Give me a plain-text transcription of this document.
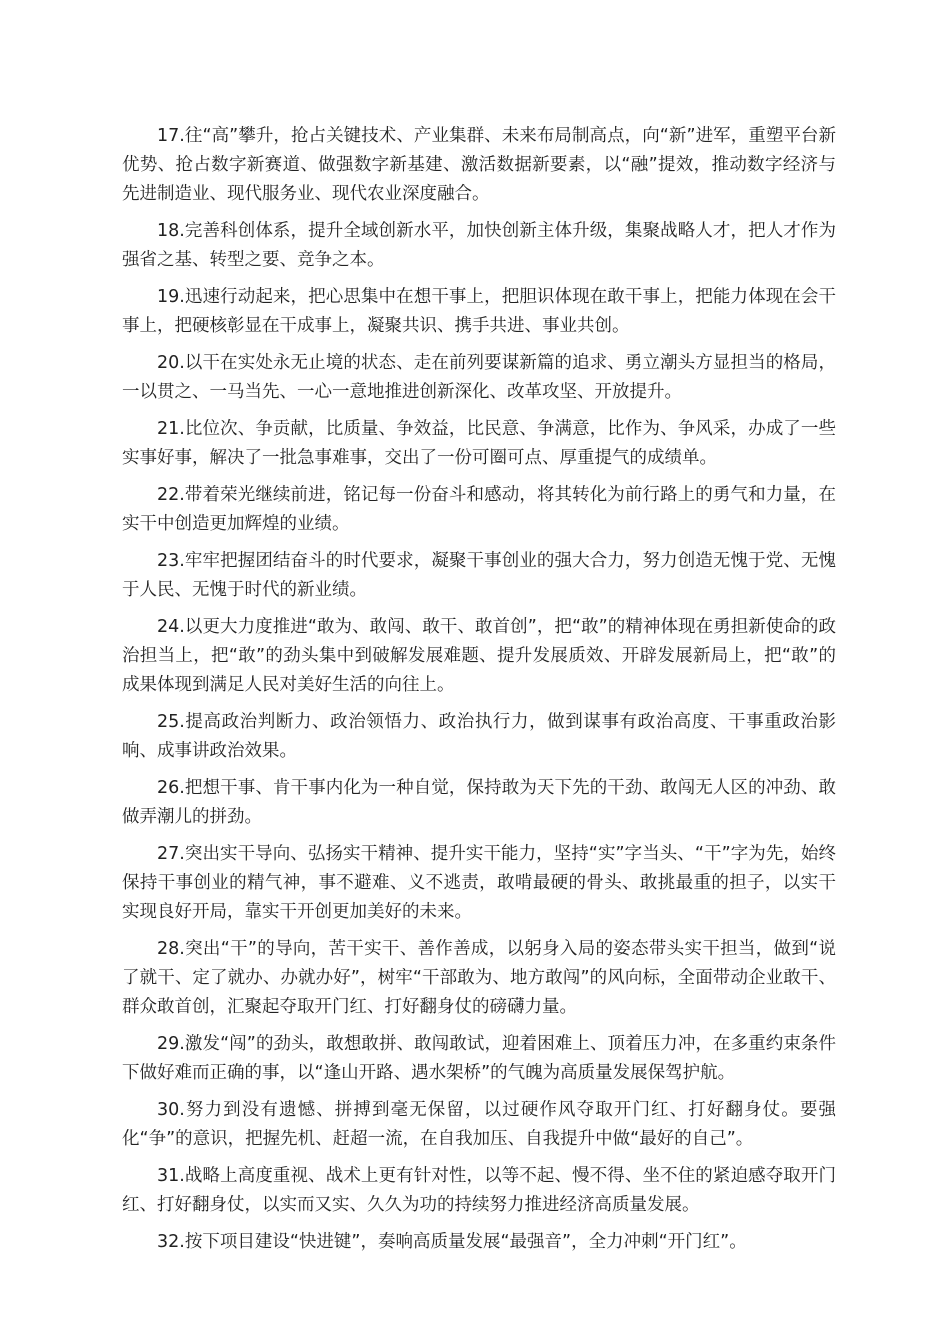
17.往“高”攀升，抢占关键技术、产业集群、未来布局制高点，向“新”进军，重塑平台新优势、抢占数字新赛道、做强数字新基建、激活数据新要素，以“融”提效，推动数字经济与先进制造业、现代服务业、现代农业深度融合。

18.完善科创体系，提升全域创新水平，加快创新主体升级，集聚战略人才，把人才作为强省之基、转型之要、竞争之本。

19.迅速行动起来，把心思集中在想干事上，把胆识体现在敢干事上，把能力体现在会干事上，把硬核彰显在干成事上，凝聚共识、携手共进、事业共创。

20.以干在实处永无止境的状态、走在前列要谋新篇的追求、勇立潮头方显担当的格局，一以贯之、一马当先、一心一意地推进创新深化、改革攻坚、开放提升。

21.比位次、争贡献，比质量、争效益，比民意、争满意，比作为、争风采，办成了一些实事好事，解决了一批急事难事，交出了一份可圈可点、厚重提气的成绩单。

22.带着荣光继续前进，铭记每一份奋斗和感动，将其转化为前行路上的勇气和力量，在实干中创造更加辉煌的业绩。

23.牢牢把握团结奋斗的时代要求，凝聚干事创业的强大合力，努力创造无愧于党、无愧于人民、无愧于时代的新业绩。

24.以更大力度推进“敢为、敢闯、敢干、敢首创”，把“敢”的精神体现在勇担新使命的政治担当上，把“敢”的劲头集中到破解发展难题、提升发展质效、开辟发展新局上，把“敢”的成果体现到满足人民对美好生活的向往上。

25.提高政治判断力、政治领悟力、政治执行力，做到谋事有政治高度、干事重政治影响、成事讲政治效果。

26.把想干事、肯干事内化为一种自觉，保持敢为天下先的干劲、敢闯无人区的冲劲、敢做弄潮儿的拼劲。

27.突出实干导向、弘扬实干精神、提升实干能力，坚持“实”字当头、“干”字为先，始终保持干事创业的精气神，事不避难、义不逃责，敢啃最硬的骨头、敢挑最重的担子，以实干实现良好开局，靠实干开创更加美好的未来。

28.突出“干”的导向，苦干实干、善作善成，以躬身入局的姿态带头实干担当，做到“说了就干、定了就办、办就办好”，树牢“干部敢为、地方敢闯”的风向标，全面带动企业敢干、群众敢首创，汇聚起夺取开门红、打好翻身仗的磅礴力量。

29.激发“闯”的劲头，敢想敢拼、敢闯敢试，迎着困难上、顶着压力冲，在多重约束条件下做好难而正确的事，以“逢山开路、遇水架桥”的气魄为高质量发展保驾护航。

30.努力到没有遗憾、拼搏到毫无保留，以过硬作风夺取开门红、打好翻身仗。要强化“争”的意识，把握先机、赶超一流，在自我加压、自我提升中做“最好的自己”。

31.战略上高度重视、战术上更有针对性，以等不起、慢不得、坐不住的紧迫感夺取开门红、打好翻身仗，以实而又实、久久为功的持续努力推进经济高质量发展。

32.按下项目建设“快进键”，奏响高质量发展“最强音”，全力冲刺“开门红”。
